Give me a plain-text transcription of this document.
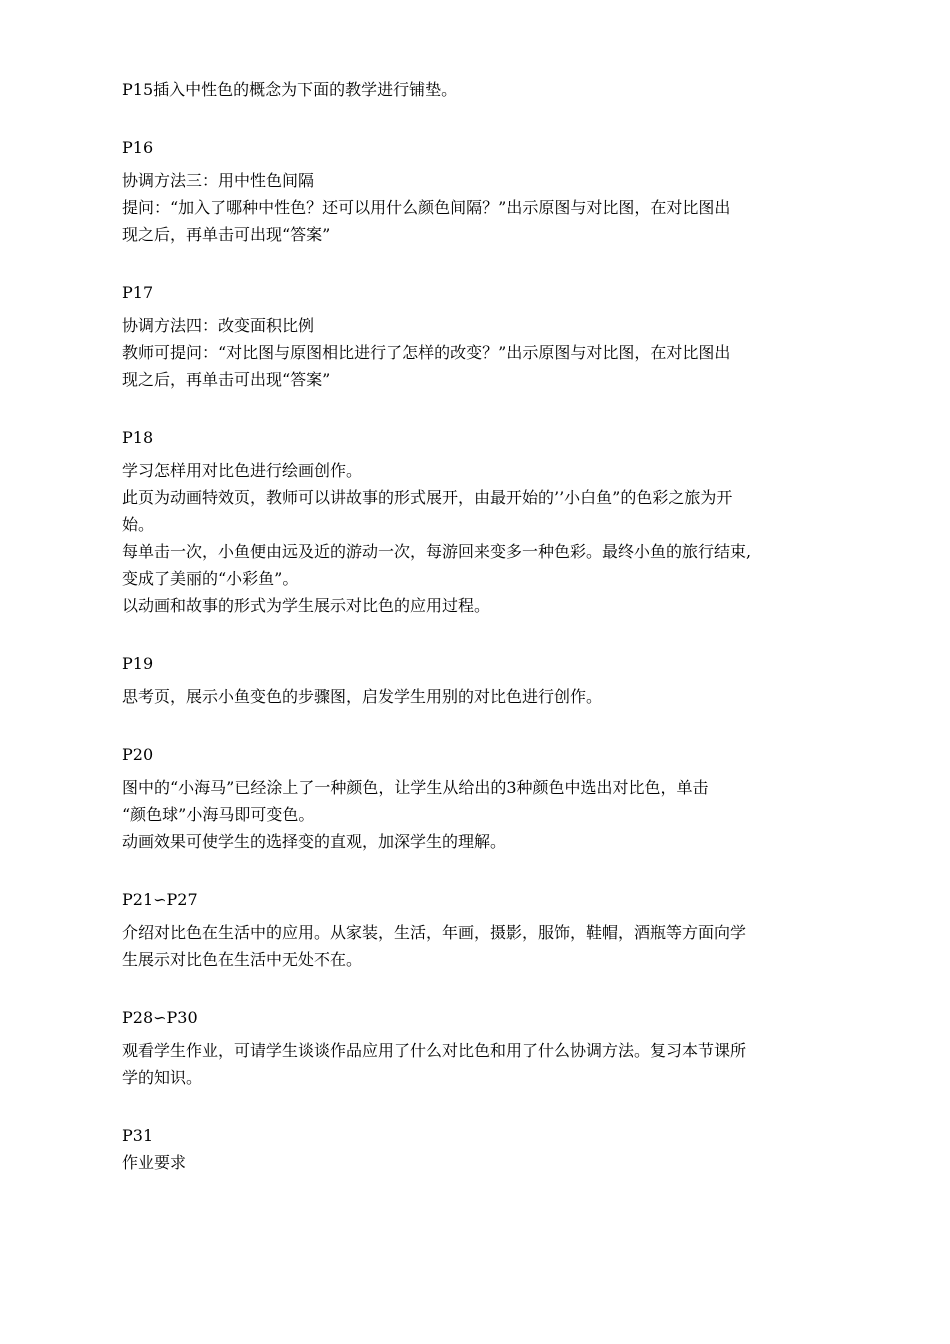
P15插入中性色的概念为下面的教学进行铺垫。
P16
协调方法三：用中性色间隔
提问：“加入了哪种中性色？还可以用什么颜色间隔？”出示原图与对比图，在对比图出
现之后，再单击可出现“答案”
P17
协调方法四：改变面积比例
教师可提问：“对比图与原图相比进行了怎样的改变？”出示原图与对比图，在对比图出
现之后，再单击可出现“答案”
P18
学习怎样用对比色进行绘画创作。
此页为动画特效页，教师可以讲故事的形式展开，由最开始的’’小白鱼”的色彩之旅为开
始。
每单击一次，小鱼便由远及近的游动一次，每游回来变多一种色彩。最终小鱼的旅行结束,
变成了美丽的“小彩鱼”。
以动画和故事的形式为学生展示对比色的应用过程。
P19
思考页，展示小鱼变色的步骤图，启发学生用别的对比色进行创作。
P20
图中的“小海马”已经涂上了一种颜色，让学生从给出的3种颜色中选出对比色，单击
“颜色球”小海马即可变色。
动画效果可使学生的选择变的直观，加深学生的理解。
P21∽P27
介绍对比色在生活中的应用。从家装，生活，年画，摄影，服饰，鞋帽，酒瓶等方面向学
生展示对比色在生活中无处不在。
P28∽P30
观看学生作业，可请学生谈谈作品应用了什么对比色和用了什么协调方法。复习本节课所
学的知识。
P31
作业要求
